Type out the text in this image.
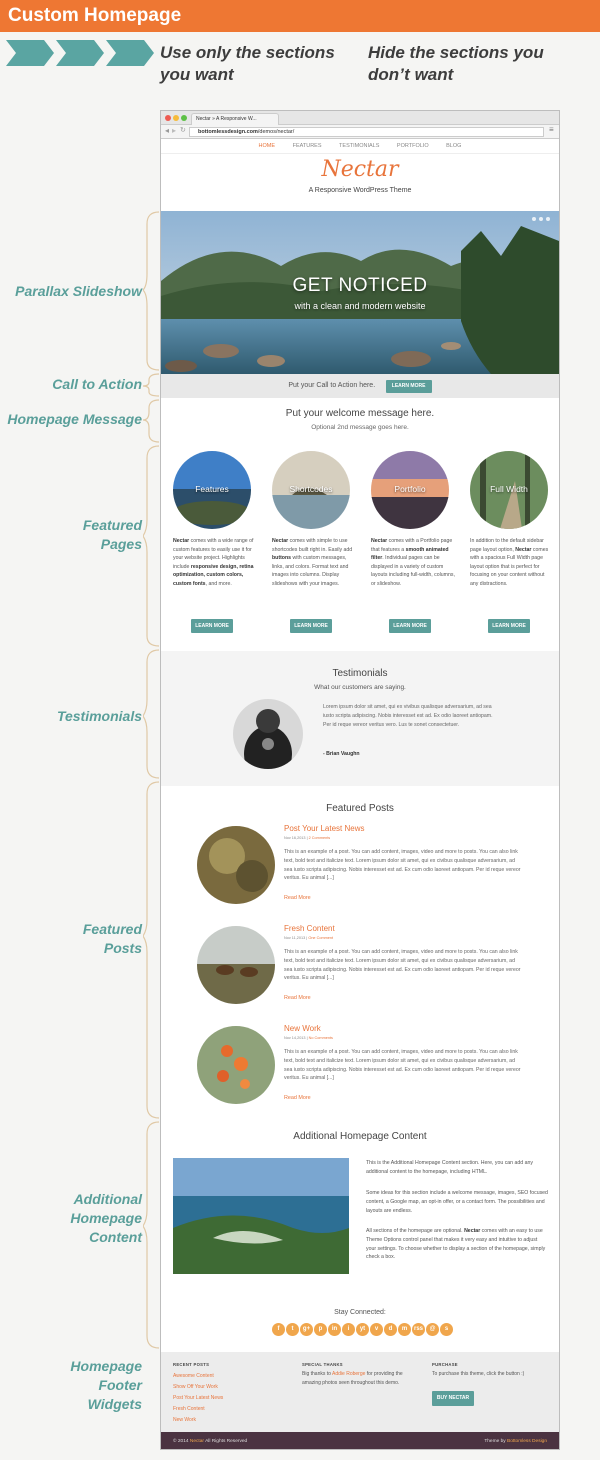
Custom Homepage
Use only the sections
you want
Hide the sections you
don’t want
Parallax Slideshow
Call to Action
Homepage Message
Featured
Pages
Testimonials
Featured
Posts
Additional
Homepage
Content
Homepage
Footer
Widgets
Nectar » A Responsive W...
◂ ▸ ↻	bottomlessdesign.com/demos/nectar/	≡
HOME	FEATURES	TESTIMONIALS	PORTFOLIO	BLOG
Nectar
A Responsive WordPress Theme
GET NOTICED
with a clean and modern website
Put your Call to Action here.	LEARN MORE
Put your welcome message here.
Optional 2nd message goes here.
Features	Shortcodes	Portfolio	Full Width
Nectar comes with a wide range of custom features to easily use it for your website project. Highlights include responsive design, retina optimization, custom colors, custom fonts, and more.
Nectar comes with simple to use shortcodes built right in. Easily add buttons with custom messages, links, and colors. Format text and images into columns. Display slideshows with your images.
Nectar comes with a Portfolio page that features a smooth animated filter. Individual pages can be displayed in a variety of custom layouts including full-width, columns, or slideshow.
In addition to the default sidebar page layout option, Nectar comes with a spacious Full Width page layout option that is perfect for focusing on your content without any distractions.
LEARN MORE	LEARN MORE	LEARN MORE	LEARN MORE
Testimonials
What our customers are saying.
Lorem ipsum dolor sit amet, qui ex vivibus qualisque adversarium, ad sea iusto scripta adipiscing. Nobis interesset est ad. Ex odio laoreet antiopam. Per id reque vereor veritus vero. Lus te sonet consectetuer.
- Brian Vaughn
Featured Posts
Post Your Latest News
Nov 16,2013 | 2 Comments
This is an example of a post. You can add content, images, video and more to posts. You can also link text, bold text and italicize text. Lorem ipsum dolor sit amet, qui ex civibus qualisque adversarium, ad sea iusto scripta adipiscing. Nobis interesset est ad. Ex cum odio laoreet antiopam. Per id reque vereor veritus. Eu animal [...]
Read More
Fresh Content
Nov 11,2013 | One Comment
This is an example of a post. You can add content, images, video and more to posts. You can also link text, bold text and italicize text. Lorem ipsum dolor sit amet, qui ex civibus qualisque adversarium, ad sea iusto scripta adipiscing. Nobis interesset est ad. Ex cum odio laoreet antiopam. Per id reque vereor veritus. Eu animal [...]
Read More
New Work
Nov 14,2013 | No Comments
This is an example of a post. You can add content, images, video and more to posts. You can also link text, bold text and italicize text. Lorem ipsum dolor sit amet, qui ex civibus qualisque adversarium, ad sea iusto scripta adipiscing. Nobis interesset est ad. Ex cum odio laoreet antiopam. Per id reque vereor veritus. Eu animal [...]
Read More
Additional Homepage Content
This is the Additional Homepage Content section. Here, you can add any additional content to the homepage, including HTML.
Some ideas for this section include a welcome message, images, SEO focused content, a Google map, an opt-in offer, or a contact form. The possibilities and layouts are endless.
All sections of the homepage are optional. Nectar comes with an easy to use Theme Options control panel that makes it very easy and intuitive to adjust your settings. To choose whether to display a section of the homepage, simply check a box.
Stay Connected:
f	t	g+	p	in	i	yt	v	d	m	rss	@	s
RECENT POSTS
Awesome Content
Show Off Your Work
Post Your Latest News
Fresh Content
New Work
SPECIAL THANKS
Big thanks to Addie Roberge for providing the amazing photos seen throughout this demo.
PURCHASE
To purchase this theme, click the button :)
BUY NECTAR
© 2014 Nectar All Rights Reserved	Theme by Bottomless Design
